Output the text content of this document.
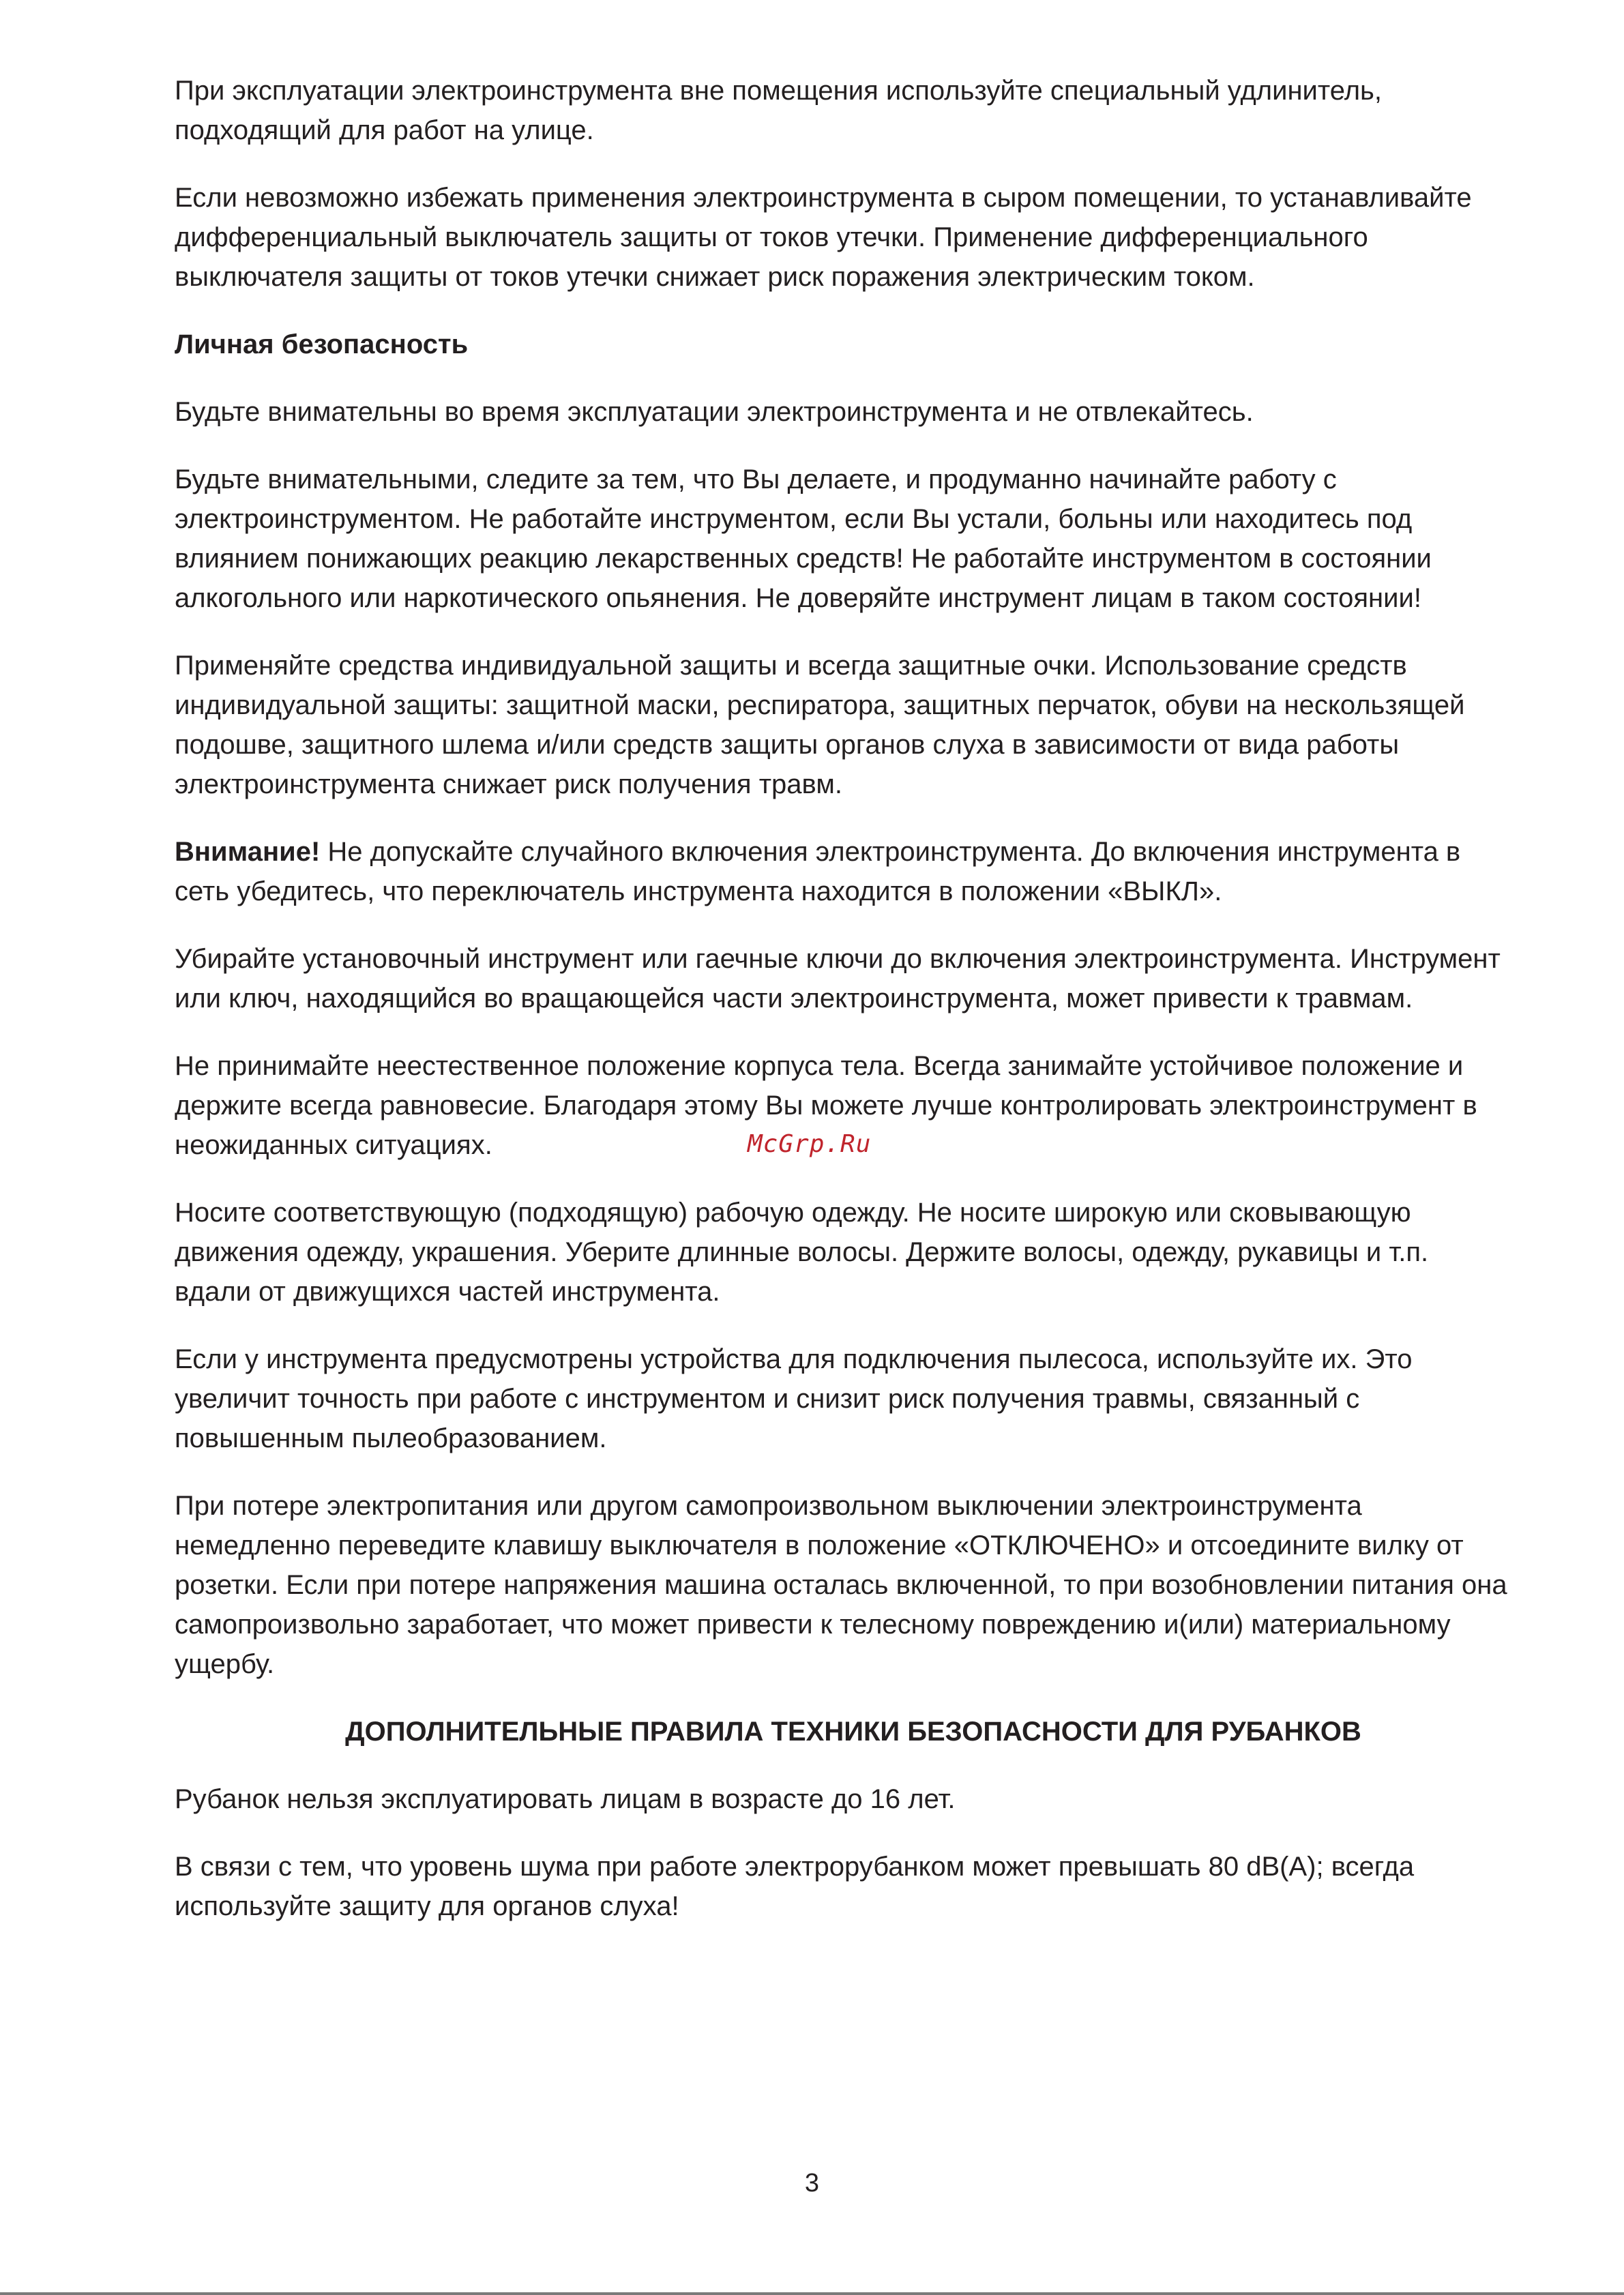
При эксплуатации электроинструмента вне помещения используйте специальный удлинитель, подходящий для работ на улице.

Если невозможно избежать применения электроинструмента в сыром помещении, то устанавливайте дифференциальный выключатель защиты от токов утечки. Применение дифференциального выключателя защиты от токов утечки снижает риск поражения электрическим током.

Личная безопасность

Будьте внимательны во время эксплуатации электроинструмента и не отвлекайтесь.

Будьте внимательными, следите за тем, что Вы делаете, и продуманно начинайте работу с электроинструментом. Не работайте инструментом, если Вы устали, больны или находитесь под влиянием понижающих реакцию лекарственных средств! Не работайте инструментом в состоянии алкогольного или наркотического опьянения. Не доверяйте инструмент лицам в таком состоянии!

Применяйте средства индивидуальной защиты и всегда защитные очки. Использование средств индивидуальной защиты: защитной маски, респиратора, защитных перчаток, обуви на нескользящей подошве, защитного шлема и/или средств защиты органов слуха в зависимости от вида работы электроинструмента снижает риск получения травм.

Внимание! Не допускайте случайного включения электроинструмента. До включения инструмента в сеть убедитесь, что переключатель инструмента находится в положении «ВЫКЛ».

Убирайте установочный инструмент или гаечные ключи до включения электроинструмента. Инструмент или ключ, находящийся во вращающейся части электроинструмента, может привести к травмам.

Не принимайте неестественное положение корпуса тела. Всегда занимайте устойчивое положение и держите всегда равновесие. Благодаря этому Вы можете лучше контролировать электроинструмент в неожиданных ситуациях.

Носите соответствующую (подходящую) рабочую одежду. Не носите широкую или сковывающую движения одежду, украшения. Уберите длинные волосы. Держите волосы, одежду, рукавицы и т.п. вдали от движущихся частей инструмента.

Если у инструмента предусмотрены устройства для подключения пылесоса, используйте их. Это увеличит точность при работе с инструментом и снизит риск получения травмы, связанный с повышенным пылеобразованием.

При потере электропитания или другом самопроизвольном выключении электроинструмента немедленно переведите клавишу выключателя в положение «ОТКЛЮЧЕНО» и отсоедините вилку от розетки. Если при потере напряжения машина осталась включенной, то при возобновлении питания она самопроизвольно заработает, что может привести к телесному повреждению и(или) материальному ущербу.

ДОПОЛНИТЕЛЬНЫЕ ПРАВИЛА ТЕХНИКИ БЕЗОПАСНОСТИ ДЛЯ РУБАНКОВ

Рубанок нельзя эксплуатировать лицам в возрасте до 16 лет.

В связи с тем, что уровень шума при работе электрорубанком может превышать 80 dB(A); всегда используйте защиту для органов слуха!

McGrp.Ru
3
